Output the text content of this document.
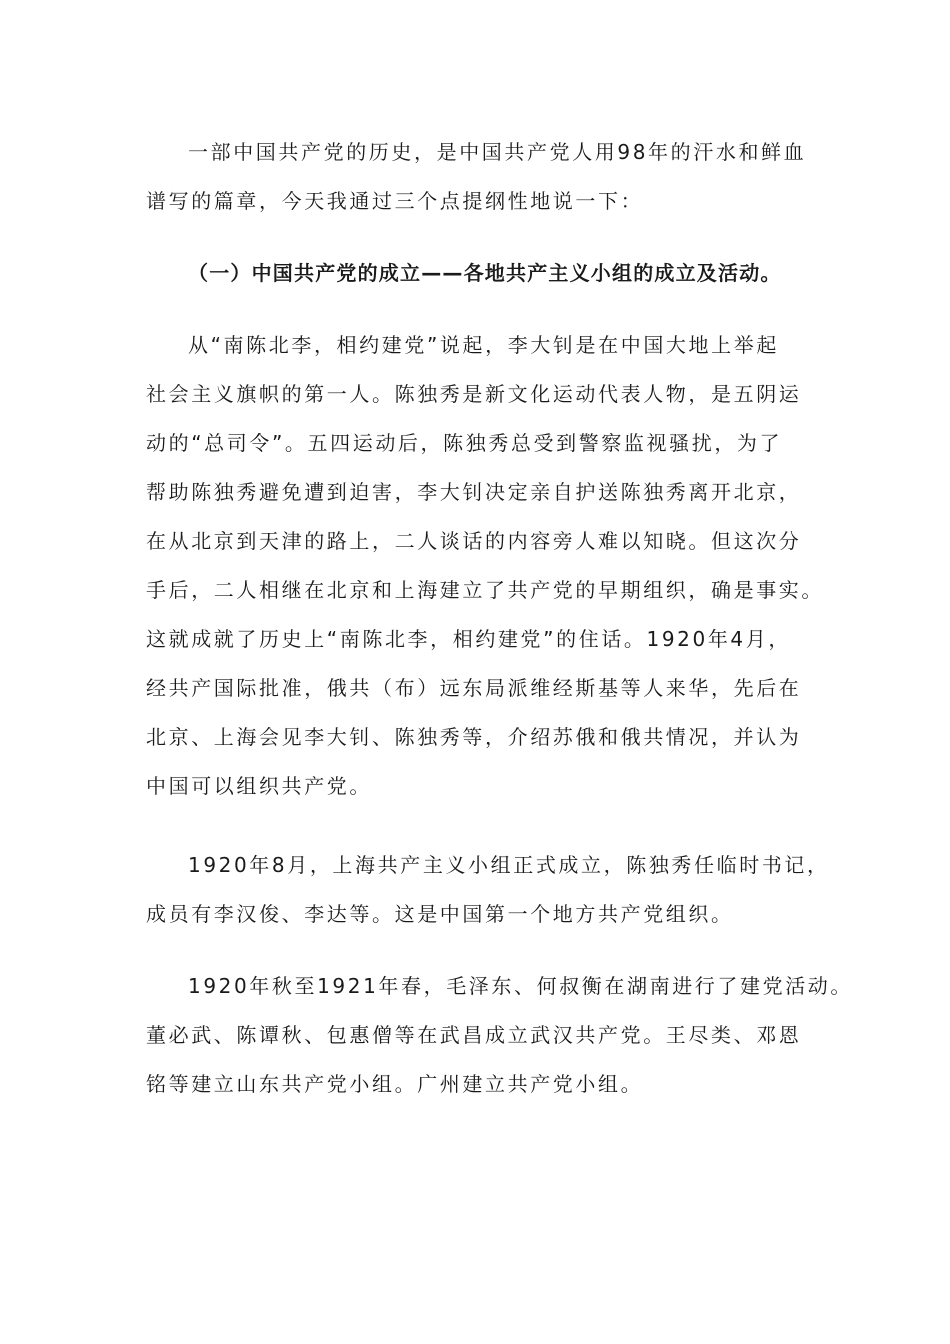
一部中国共产党的历史，是中国共产党人用98年的汗水和鲜血
谱写的篇章，今天我通过三个点提纲性地说一下：
（一）中国共产党的成立——各地共产主义小组的成立及活动。
从“南陈北李，相约建党”说起，李大钊是在中国大地上举起
社会主义旗帜的第一人。陈独秀是新文化运动代表人物，是五阴运
动的“总司令”。五四运动后，陈独秀总受到警察监视骚扰，为了
帮助陈独秀避免遭到迫害，李大钊决定亲自护送陈独秀离开北京，
在从北京到天津的路上，二人谈话的内容旁人难以知晓。但这次分
手后，二人相继在北京和上海建立了共产党的早期组织，确是事实。
这就成就了历史上“南陈北李，相约建党”的住话。1920年4月，
经共产国际批准，俄共（布）远东局派维经斯基等人来华，先后在
北京、上海会见李大钊、陈独秀等，介绍苏俄和俄共情况，并认为
中国可以组织共产党。
1920年8月，上海共产主义小组正式成立，陈独秀任临时书记，
成员有李汉俊、李达等。这是中国第一个地方共产党组织。
1920年秋至1921年春，毛泽东、何叔衡在湖南进行了建党活动。
董必武、陈谭秋、包惠僧等在武昌成立武汉共产党。王尽类、邓恩
铭等建立山东共产党小组。广州建立共产党小组。
